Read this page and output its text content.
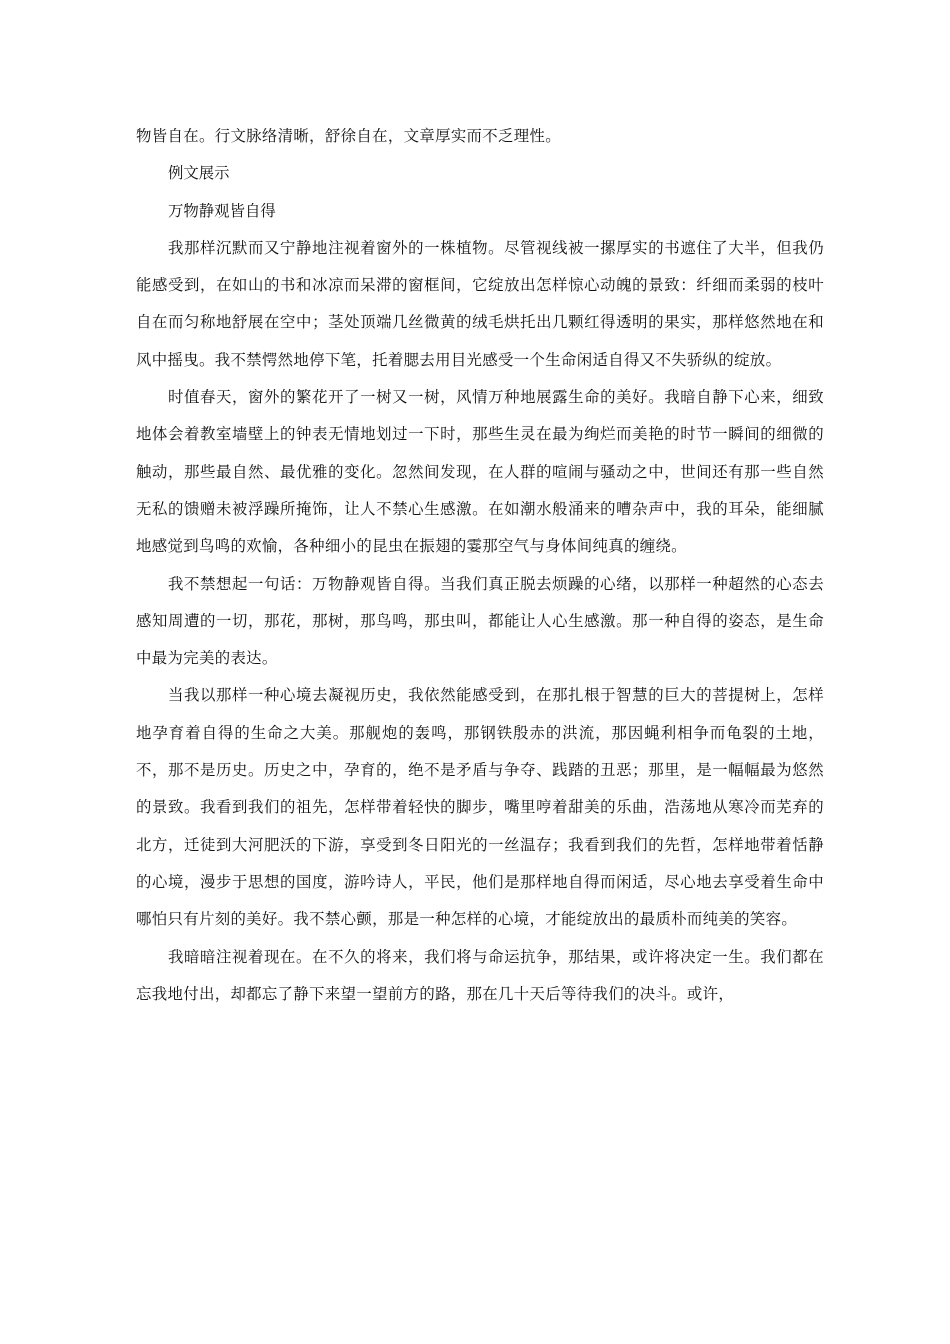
物皆自在。行文脉络清晰，舒徐自在，文章厚实而不乏理性。

例文展示

万物静观皆自得

我那样沉默而又宁静地注视着窗外的一株植物。尽管视线被一摞厚实的书遮住了大半，但我仍能感受到，在如山的书和冰凉而呆滞的窗框间，它绽放出怎样惊心动魄的景致：纤细而柔弱的枝叶自在而匀称地舒展在空中；茎处顶端几丝微黄的绒毛烘托出几颗红得透明的果实，那样悠然地在和风中摇曳。我不禁愕然地停下笔，托着腮去用目光感受一个生命闲适自得又不失骄纵的绽放。

时值春天，窗外的繁花开了一树又一树，风情万种地展露生命的美好。我暗自静下心来，细致地体会着教室墙壁上的钟表无情地划过一下时，那些生灵在最为绚烂而美艳的时节一瞬间的细微的触动，那些最自然、最优雅的变化。忽然间发现，在人群的喧闹与骚动之中，世间还有那一些自然无私的馈赠未被浮躁所掩饰，让人不禁心生感激。在如潮水般涌来的嘈杂声中，我的耳朵，能细腻地感觉到鸟鸣的欢愉，各种细小的昆虫在振翅的霎那空气与身体间纯真的缠绕。

我不禁想起一句话：万物静观皆自得。当我们真正脱去烦躁的心绪，以那样一种超然的心态去感知周遭的一切，那花，那树，那鸟鸣，那虫叫，都能让人心生感激。那一种自得的姿态，是生命中最为完美的表达。

当我以那样一种心境去凝视历史，我依然能感受到，在那扎根于智慧的巨大的菩提树上，怎样地孕育着自得的生命之大美。那舰炮的轰鸣，那钢铁殷赤的洪流，那因蝇利相争而龟裂的土地，不，那不是历史。历史之中，孕育的，绝不是矛盾与争夺、践踏的丑恶；那里，是一幅幅最为悠然的景致。我看到我们的祖先，怎样带着轻快的脚步，嘴里哼着甜美的乐曲，浩荡地从寒冷而芜弃的北方，迁徒到大河肥沃的下游，享受到冬日阳光的一丝温存；我看到我们的先哲，怎样地带着恬静的心境，漫步于思想的国度，游吟诗人，平民，他们是那样地自得而闲适，尽心地去享受着生命中哪怕只有片刻的美好。我不禁心颤，那是一种怎样的心境，才能绽放出的最质朴而纯美的笑容。

我暗暗注视着现在。在不久的将来，我们将与命运抗争，那结果，或许将决定一生。我们都在忘我地付出，却都忘了静下来望一望前方的路，那在几十天后等待我们的决斗。或许，
